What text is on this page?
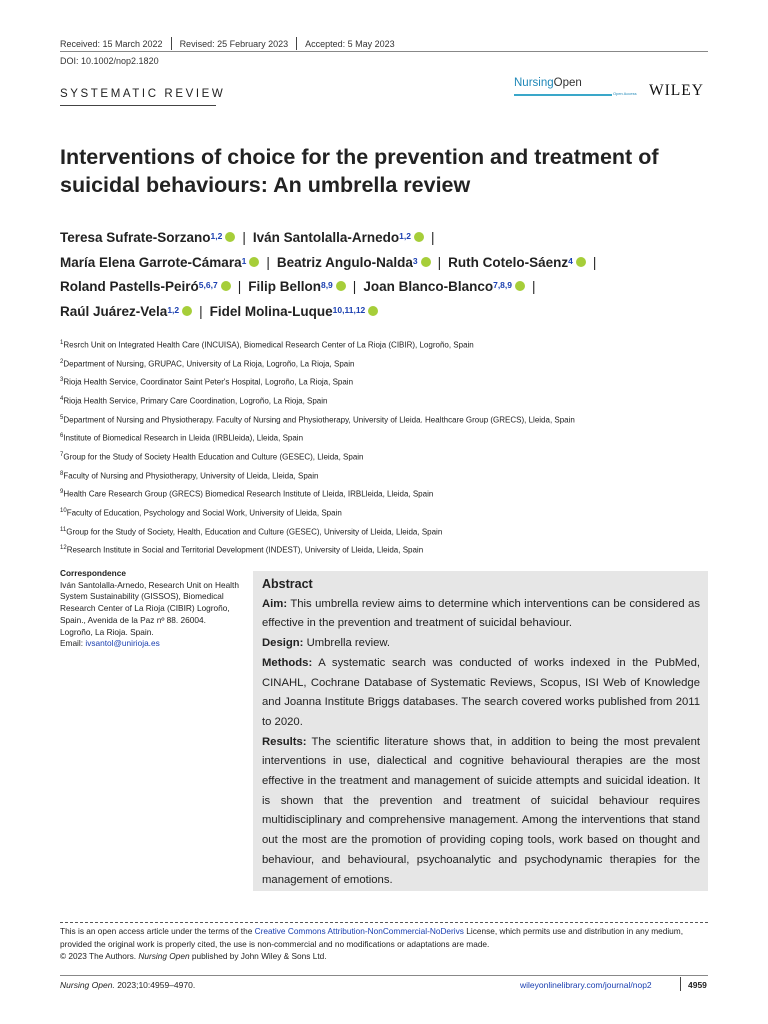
Received: 15 March 2022 Revised: 25 February 2023 Accepted: 5 May 2023
DOI: 10.1002/nop2.1820
SYSTEMATIC REVIEW
NursingOpen
Open Access WILEY
Interventions of choice for the prevention and treatment of suicidal behaviours: An umbrella review
Teresa Sufrate-Sorzano$^{1,2}$ iD | Iván Santolalla-Arnedo$^{1,2}$ iD |
María Elena Garrote-Cámara$^1$ iD | Beatriz Angulo-Nalda$^3$ iD | Ruth Cotelo-Sáenz$^4$ iD |
Roland Pastells-Peiró$^{5,6,7}$ iD | Filip Bellon$^{8,9}$ iD | Joan Blanco-Blanco$^{7,8,9}$ iD |
Raúl Juárez-Vela$^{1,2}$ iD | Fidel Molina-Luque$^{10,11,12}$iD
$^1$Resrch Unit on Integrated Health Care (INCUISA), Biomedical Research Center of La Rioja (CIBIR), Logroño, Spain
$^2$Department of Nursing, GRUPAC, University of La Rioja, Logroño, La Rioja, Spain
$^3$Rioja Health Service, Coordinator Saint Peter's Hospital, Logroño, La Rioja, Spain
$^4$Rioja Health Service, Primary Care Coordination, Logroño, La Rioja, Spain
$^5$Department of Nursing and Physiotherapy. Faculty of Nursing and Physiotherapy, University of Lleida. Healthcare Group (GRECS), Lleida, Spain
$^6$Institute of Biomedical Research in Lleida (IRBLleida), Lleida, Spain
$^7$Group for the Study of Society Health Education and Culture (GESEC), Lleida, Spain
$^8$Faculty of Nursing and Physiotherapy, University of Lleida, Lleida, Spain
$^9$Health Care Research Group (GRECS) Biomedical Research Institute of Lleida, IRBLleida, Lleida, Spain
$^{10}$Faculty of Education, Psychology and Social Work, University of Lleida, Spain
$^{11}$Group for the Study of Society, Health, Education and Culture (GESEC), University of Lleida, Lleida, Spain
$^{12}$Research Institute in Social and Territorial Development (INDEST), University of Lleida, Lleida, Spain
Correspondence
Iván Santolalla-Arnedo, Research Unit on Health System Sustainability (GISSOS), Biomedical Research Center of La Rioja (CIBIR) Logroño, Spain., Avenida de la Paz nº 88. 26004. Logroño, La Rioja. Spain.
Email: ivsantol@unirioja.es
Abstract
Aim: This umbrella review aims to determine which interventions can be considered as effective in the prevention and treatment of suicidal behaviour.
Design: Umbrella review.
Methods: A systematic search was conducted of works indexed in the PubMed, CINAHL, Cochrane Database of Systematic Reviews, Scopus, ISI Web of Knowledge and Joanna Institute Briggs databases. The search covered works published from 2011 to 2020.
Results: The scientific literature shows that, in addition to being the most prevalent interventions in use, dialectical and cognitive behavioural therapies are the most effective in the treatment and management of suicide attempts and suicidal ideation. It is shown that the prevention and treatment of suicidal behaviour requires multidisciplinary and comprehensive management. Among the interventions that stand out the most are the promotion of providing coping tools, work based on thought and behaviour, and behavioural, psychoanalytic and psychodynamic therapies for the management of emotions.
This is an open access article under the terms of the Creative Commons Attribution-NonCommercial-NoDerivs License, which permits use and distribution in any medium, provided the original work is properly cited, the use is non-commercial and no modifications or adaptations are made.
© 2023 The Authors. Nursing Open published by John Wiley & Sons Ltd.
Nursing Open. 2023;10:4959–4970.	wileyonlinelibrary.com/journal/nop2	4959
